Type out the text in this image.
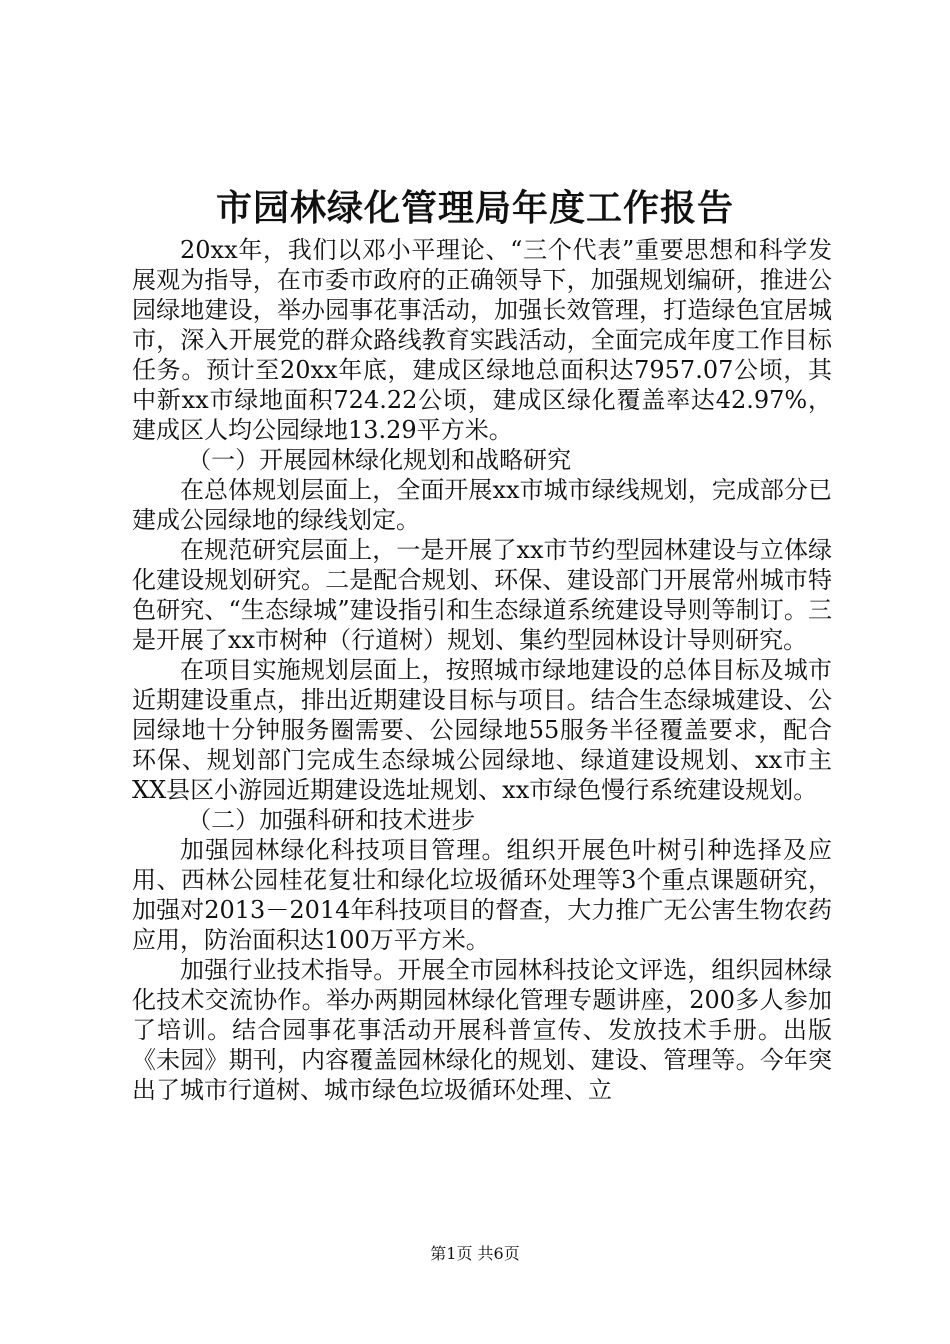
市园林绿化管理局年度工作报告

20xx年，我们以邓小平理论、“三个代表”重要思想和科学发展观为指导，在市委市政府的正确领导下，加强规划编研，推进公园绿地建设，举办园事花事活动，加强长效管理，打造绿色宜居城市，深入开展党的群众路线教育实践活动，全面完成年度工作目标任务。预计至20xx年底，建成区绿地总面积达7957.07公顷，其中新xx市绿地面积724.22公顷，建成区绿化覆盖率达42.97%，建成区人均公园绿地13.29平方米。

（一）开展园林绿化规划和战略研究

在总体规划层面上，全面开展xx市城市绿线规划，完成部分已建成公园绿地的绿线划定。

在规范研究层面上，一是开展了xx市节约型园林建设与立体绿化建设规划研究。二是配合规划、环保、建设部门开展常州城市特色研究、“生态绿城”建设指引和生态绿道系统建设导则等制订。三是开展了xx市树种（行道树）规划、集约型园林设计导则研究。

在项目实施规划层面上，按照城市绿地建设的总体目标及城市近期建设重点，排出近期建设目标与项目。结合生态绿城建设、公园绿地十分钟服务圈需要、公园绿地55服务半径覆盖要求，配合环保、规划部门完成生态绿城公园绿地、绿道建设规划、xx市主XX县区小游园近期建设选址规划、xx市绿色慢行系统建设规划。

（二）加强科研和技术进步

加强园林绿化科技项目管理。组织开展色叶树引种选择及应用、西林公园桂花复壮和绿化垃圾循环处理等3个重点课题研究，加强对2013－2014年科技项目的督查，大力推广无公害生物农药应用，防治面积达100万平方米。

加强行业技术指导。开展全市园林科技论文评选，组织园林绿化技术交流协作。举办两期园林绿化管理专题讲座，200多人参加了培训。结合园事花事活动开展科普宣传、发放技术手册。出版《未园》期刊，内容覆盖园林绿化的规划、建设、管理等。今年突出了城市行道树、城市绿色垃圾循环处理、立

第1页 共6页
